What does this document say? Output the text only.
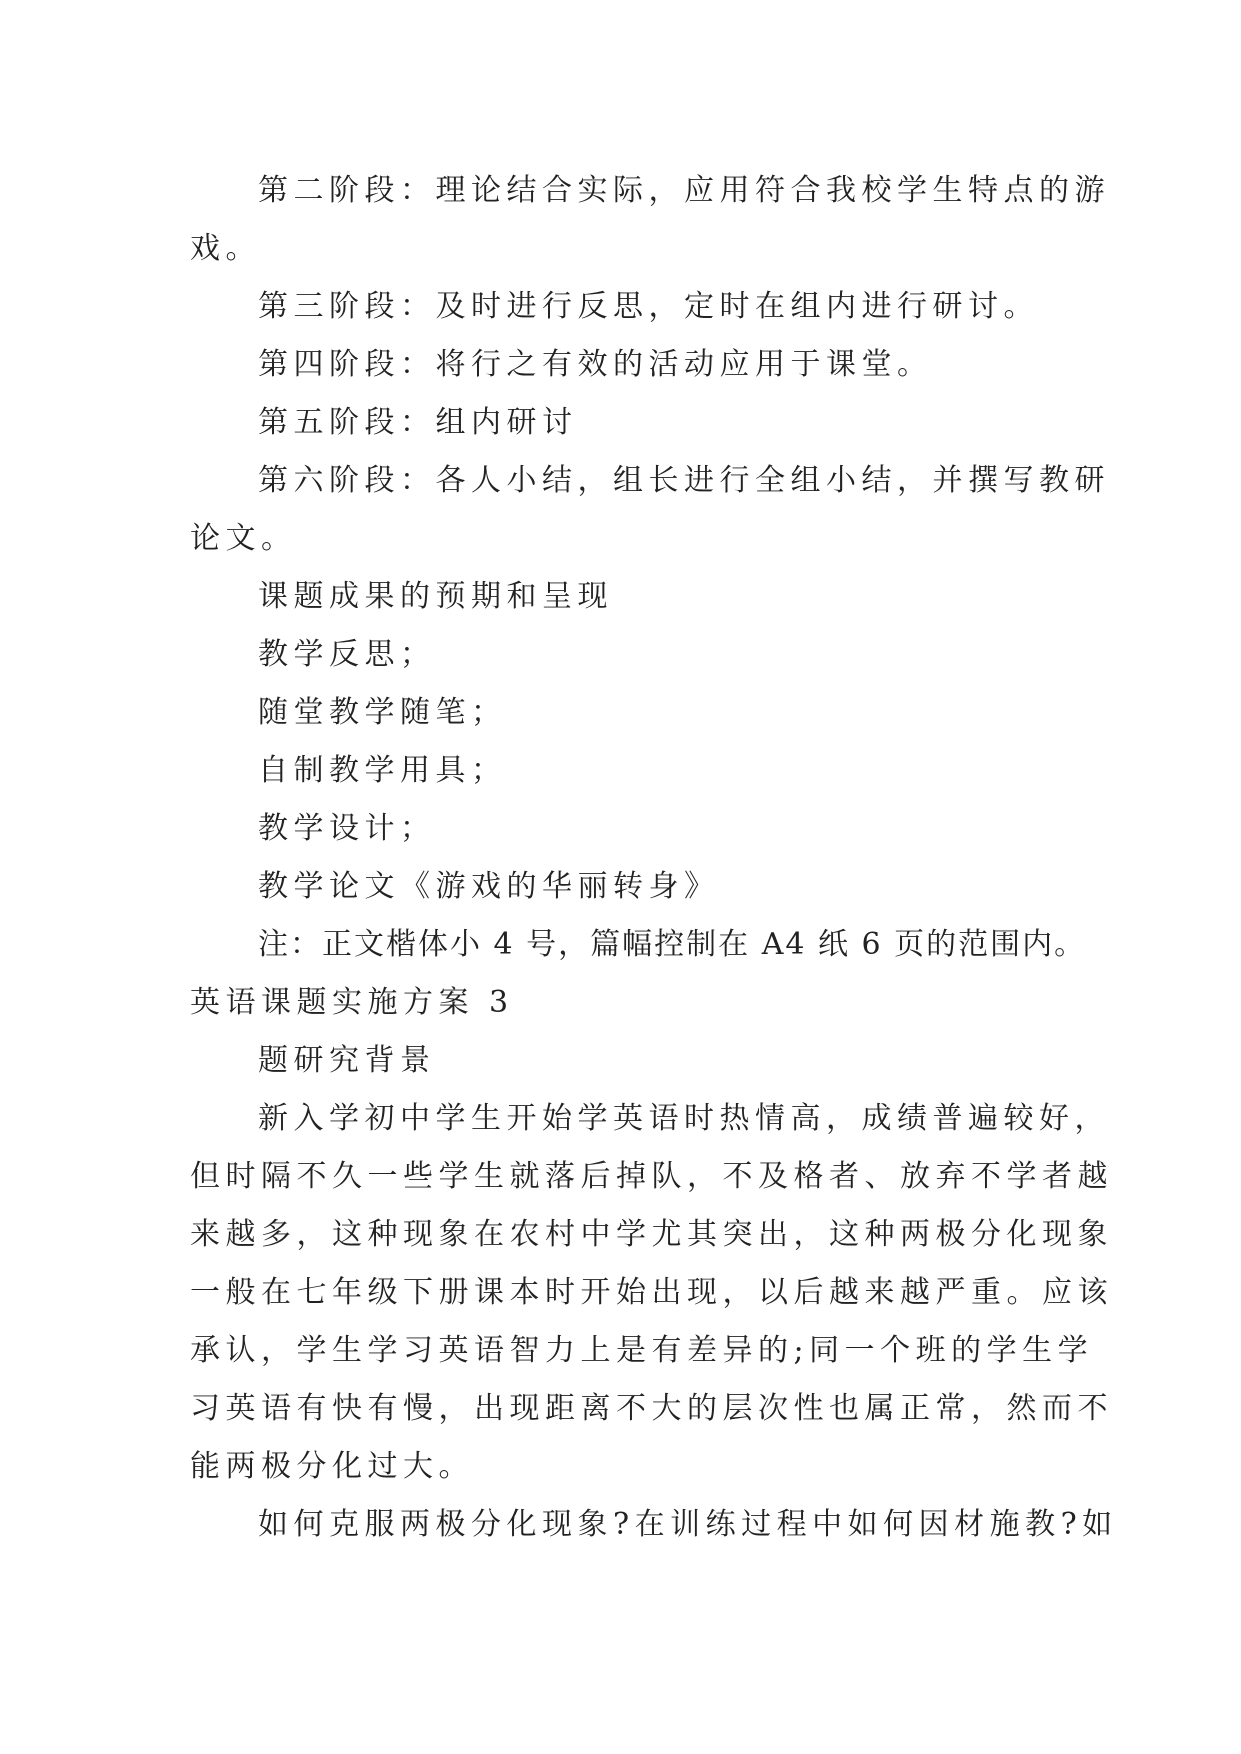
第二阶段：理论结合实际，应用符合我校学生特点的游

戏。

第三阶段：及时进行反思，定时在组内进行研讨。

第四阶段：将行之有效的活动应用于课堂。

第五阶段：组内研讨

第六阶段：各人小结，组长进行全组小结，并撰写教研

论文。

课题成果的预期和呈现

教学反思；

随堂教学随笔；

自制教学用具；

教学设计；

教学论文《游戏的华丽转身》

注：正文楷体小 4 号，篇幅控制在 A4 纸 6 页的范围内。

英语课题实施方案 3

题研究背景

新入学初中学生开始学英语时热情高，成绩普遍较好，

但时隔不久一些学生就落后掉队，不及格者、放弃不学者越

来越多，这种现象在农村中学尤其突出，这种两极分化现象

一般在七年级下册课本时开始出现，以后越来越严重。应该

承认，学生学习英语智力上是有差异的;同一个班的学生学

习英语有快有慢，出现距离不大的层次性也属正常，然而不

能两极分化过大。

如何克服两极分化现象?在训练过程中如何因材施教?如
